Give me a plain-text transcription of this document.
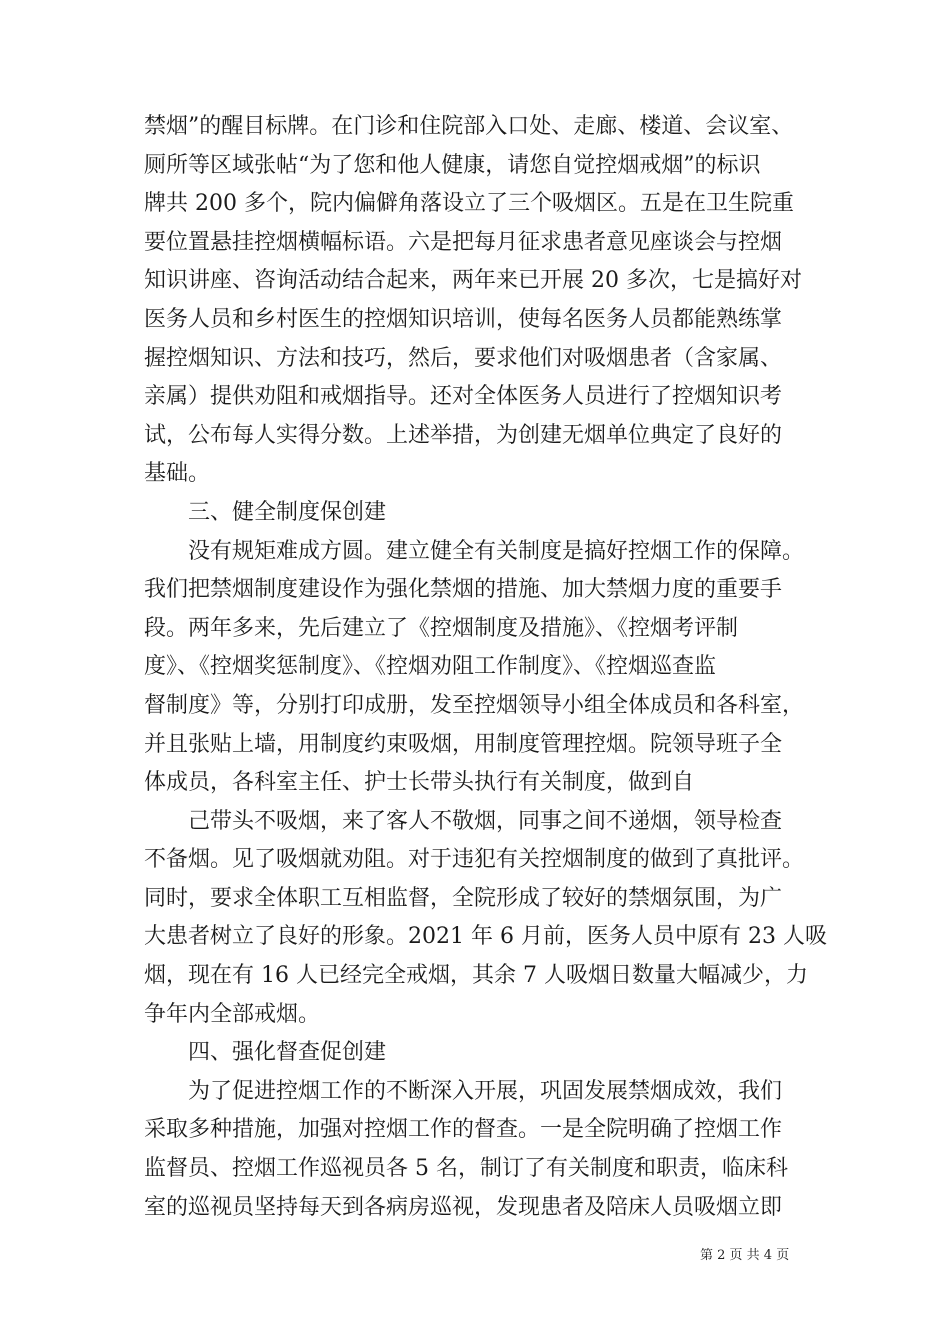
禁烟”的醒目标牌。在门诊和住院部入口处、走廊、楼道、会议室、
厕所等区域张帖“为了您和他人健康，请您自觉控烟戒烟”的标识
牌共 200 多个，院内偏僻角落设立了三个吸烟区。五是在卫生院重
要位置悬挂控烟横幅标语。六是把每月征求患者意见座谈会与控烟
知识讲座、咨询活动结合起来，两年来已开展 20 多次，七是搞好对
医务人员和乡村医生的控烟知识培训，使每名医务人员都能熟练掌
握控烟知识、方法和技巧，然后，要求他们对吸烟患者（含家属、
亲属）提供劝阻和戒烟指导。还对全体医务人员进行了控烟知识考
试，公布每人实得分数。上述举措，为创建无烟单位典定了良好的
基础。
三、健全制度保创建
没有规矩难成方圆。建立健全有关制度是搞好控烟工作的保障。
我们把禁烟制度建设作为强化禁烟的措施、加大禁烟力度的重要手
段。两年多来，先后建立了《控烟制度及措施》、《控烟考评制
度》、《控烟奖惩制度》、《控烟劝阻工作制度》、《控烟巡查监
督制度》等，分别打印成册，发至控烟领导小组全体成员和各科室，
并且张贴上墙，用制度约束吸烟，用制度管理控烟。院领导班子全
体成员，各科室主任、护士长带头执行有关制度，做到自
己带头不吸烟，来了客人不敬烟，同事之间不递烟，领导检查
不备烟。见了吸烟就劝阻。对于违犯有关控烟制度的做到了真批评。
同时，要求全体职工互相监督，全院形成了较好的禁烟氛围，为广
大患者树立了良好的形象。2021 年 6 月前，医务人员中原有 23 人吸
烟，现在有 16 人已经完全戒烟，其余 7 人吸烟日数量大幅减少，力
争年内全部戒烟。
四、强化督查促创建
为了促进控烟工作的不断深入开展，巩固发展禁烟成效，我们
采取多种措施，加强对控烟工作的督查。一是全院明确了控烟工作
监督员、控烟工作巡视员各 5 名，制订了有关制度和职责，临床科
室的巡视员坚持每天到各病房巡视，发现患者及陪床人员吸烟立即

第 2 页 共 4 页
